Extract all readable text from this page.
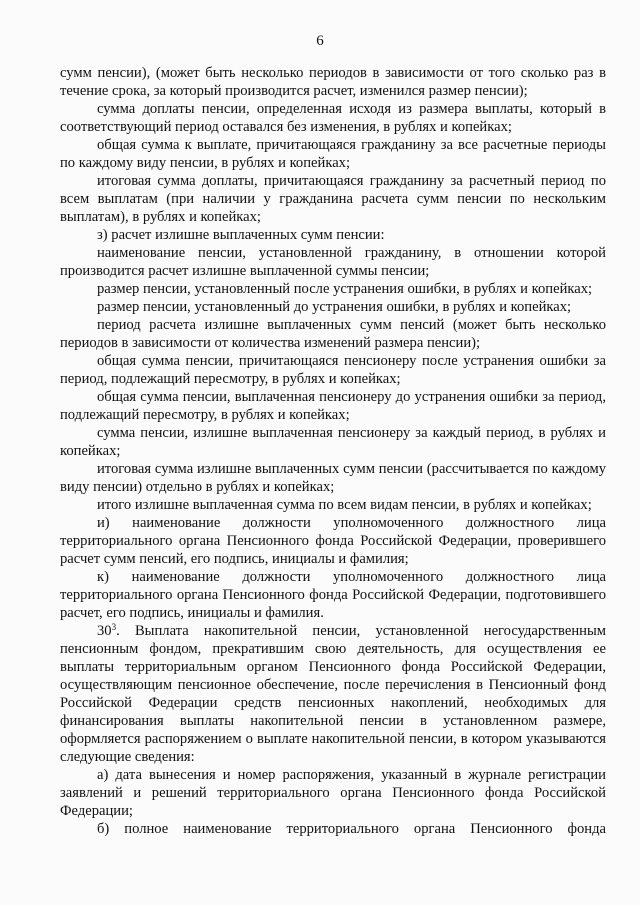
6

сумм пенсии), (может быть несколько периодов в зависимости от того сколько раз в течение срока, за который производится расчет, изменился размер пенсии);

сумма доплаты пенсии, определенная исходя из размера выплаты, который в соответствующий период оставался без изменения, в рублях и копейках;

общая сумма к выплате, причитающаяся гражданину за все расчетные периоды по каждому виду пенсии, в рублях и копейках;

итоговая сумма доплаты, причитающаяся гражданину за расчетный период по всем выплатам (при наличии у гражданина расчета сумм пенсии по нескольким выплатам), в рублях и копейках;

з) расчет излишне выплаченных сумм пенсии:

наименование пенсии, установленной гражданину, в отношении которой производится расчет излишне выплаченной суммы пенсии;

размер пенсии, установленный после устранения ошибки, в рублях и копейках;

размер пенсии, установленный до устранения ошибки, в рублях и копейках;

период расчета излишне выплаченных сумм пенсий (может быть несколько периодов в зависимости от количества изменений размера пенсии);

общая сумма пенсии, причитающаяся пенсионеру после устранения ошибки за период, подлежащий пересмотру, в рублях и копейках;

общая сумма пенсии, выплаченная пенсионеру до устранения ошибки за период, подлежащий пересмотру, в рублях и копейках;

сумма пенсии, излишне выплаченная пенсионеру за каждый период, в рублях и копейках;

итоговая сумма излишне выплаченных сумм пенсии (рассчитывается по каждому виду пенсии) отдельно в рублях и копейках;

итого излишне выплаченная сумма по всем видам пенсии, в рублях и копейках;

и) наименование должности уполномоченного должностного лица территориального органа Пенсионного фонда Российской Федерации, проверившего расчет сумм пенсий, его подпись, инициалы и фамилия;

к) наименование должности уполномоченного должностного лица территориального органа Пенсионного фонда Российской Федерации, подготовившего расчет, его подпись, инициалы и фамилия.

$30^3$. Выплата накопительной пенсии, установленной негосударственным пенсионным фондом, прекратившим свою деятельность, для осуществления ее выплаты территориальным органом Пенсионного фонда Российской Федерации, осуществляющим пенсионное обеспечение, после перечисления в Пенсионный фонд Российской Федерации средств пенсионных накоплений, необходимых для финансирования выплаты накопительной пенсии в установленном размере, оформляется распоряжением о выплате накопительной пенсии, в котором указываются следующие сведения:

а) дата вынесения и номер распоряжения, указанный в журнале регистрации заявлений и решений территориального органа Пенсионного фонда Российской Федерации;

б) полное наименование территориального органа Пенсионного фонда
